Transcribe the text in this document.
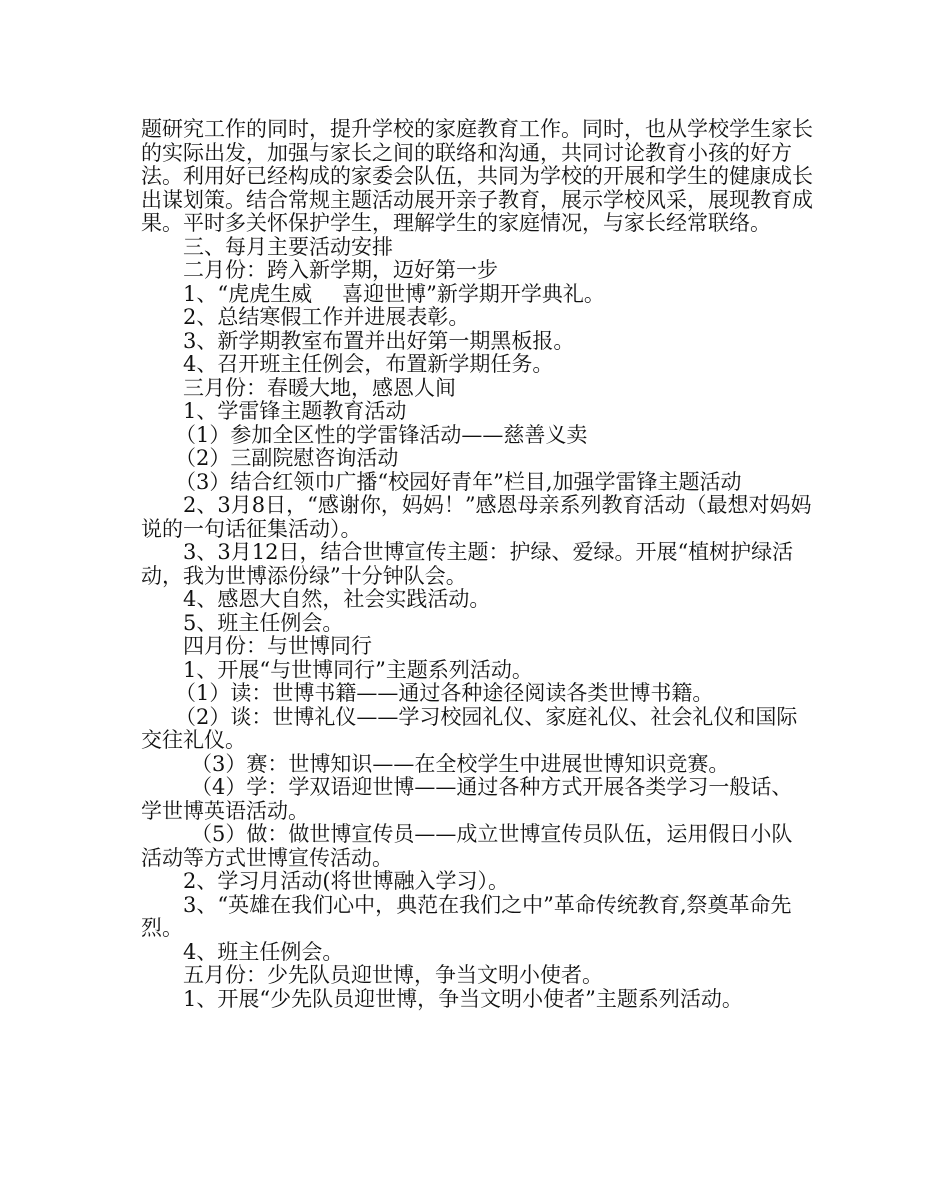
题研究工作的同时，提升学校的家庭教育工作。同时，也从学校学生家长的实际出发，加强与家长之间的联络和沟通，共同讨论教育小孩的好方法。利用好已经构成的家委会队伍，共同为学校的开展和学生的健康成长出谋划策。结合常规主题活动展开亲子教育，展示学校风采，展现教育成果。平时多关怀保护学生，理解学生的家庭情况，与家长经常联络。

三、每月主要活动安排

二月份：跨入新学期，迈好第一步

1、“虎虎生威 喜迎世博”新学期开学典礼。

2、总结寒假工作并进展表彰。

3、新学期教室布置并出好第一期黑板报。

4、召开班主任例会，布置新学期任务。

三月份：春暖大地，感恩人间

1、学雷锋主题教育活动

（1）参加全区性的学雷锋活动——慈善义卖

（2）三副院慰咨询活动

（3）结合红领巾广播“校园好青年”栏目,加强学雷锋主题活动

2、3月8日，“感谢你，妈妈！”感恩母亲系列教育活动（最想对妈妈说的一句话征集活动）。

3、3月12日，结合世博宣传主题：护绿、爱绿。开展“植树护绿活动，我为世博添份绿”十分钟队会。

4、感恩大自然，社会实践活动。

5、班主任例会。

四月份：与世博同行

1、开展“与世博同行”主题系列活动。

（1）读：世博书籍——通过各种途径阅读各类世博书籍。

（2）谈：世博礼仪——学习校园礼仪、家庭礼仪、社会礼仪和国际交往礼仪。

（3）赛：世博知识——在全校学生中进展世博知识竞赛。

（4）学：学双语迎世博——通过各种方式开展各类学习一般话、学世博英语活动。

（5）做：做世博宣传员——成立世博宣传员队伍，运用假日小队活动等方式世博宣传活动。

2、学习月活动(将世博融入学习）。

3、“英雄在我们心中，典范在我们之中”革命传统教育,祭奠革命先烈。

4、班主任例会。

五月份：少先队员迎世博，争当文明小使者。

1、开展“少先队员迎世博，争当文明小使者”主题系列活动。
